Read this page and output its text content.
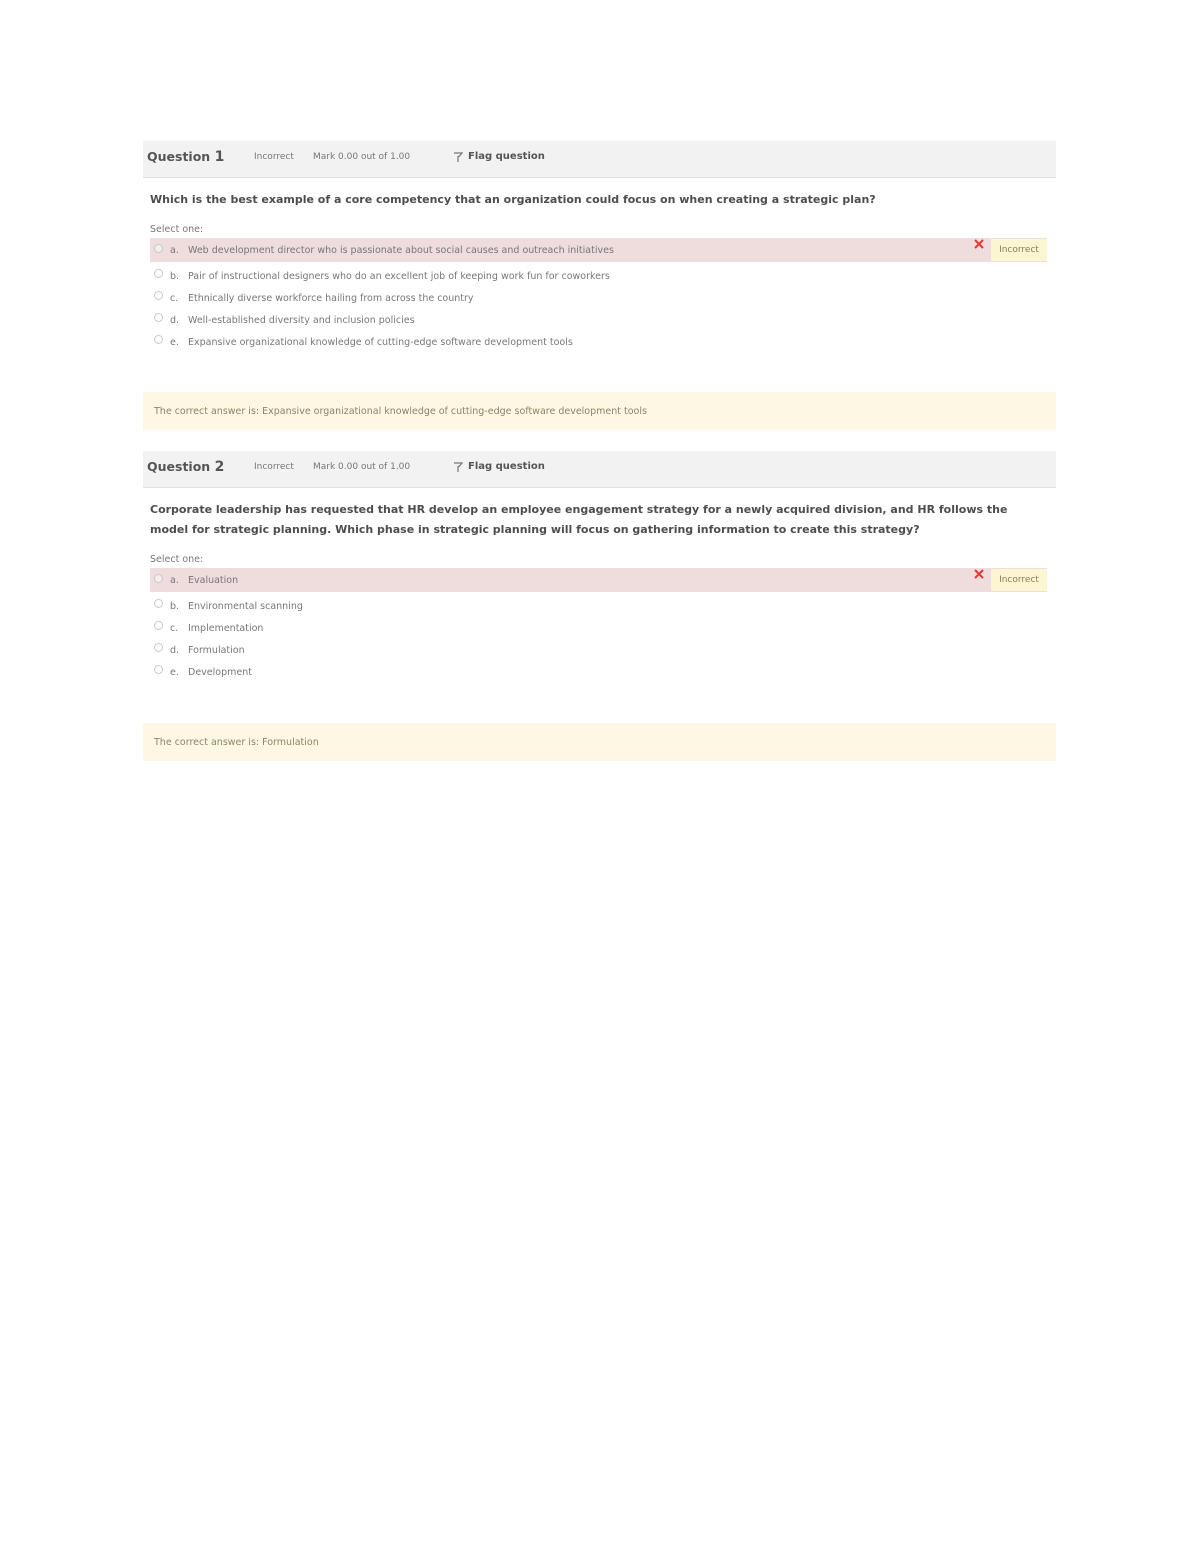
Question 1	Incorrect Mark 0.00 out of 1.00	Flag question
Which is the best example of a core competency that an organization could focus on when creating a strategic plan?
Select one:
a. Web development director who is passionate about social causes and outreach initiatives	Incorrect
b. Pair of instructional designers who do an excellent job of keeping work fun for coworkers
c.	Ethnically diverse workforce hailing from across the country
d. Well-established diversity and inclusion policies
e. Expansive organizational knowledge of cutting-edge software development tools
The correct answer is: Expansive organizational knowledge of cutting-edge software development tools
Question 2	Incorrect Mark 0.00 out of 1.00	Flag question
Corporate leadership has requested that HR develop an employee engagement strategy for a newly acquired division, and HR follows the model for strategic planning. Which phase in strategic planning will focus on gathering information to create this strategy?
Select one:
a. Evaluation	Incorrect
b. Environmental scanning
c.	Implementation
d. Formulation
e. Development
The correct answer is: Formulation
